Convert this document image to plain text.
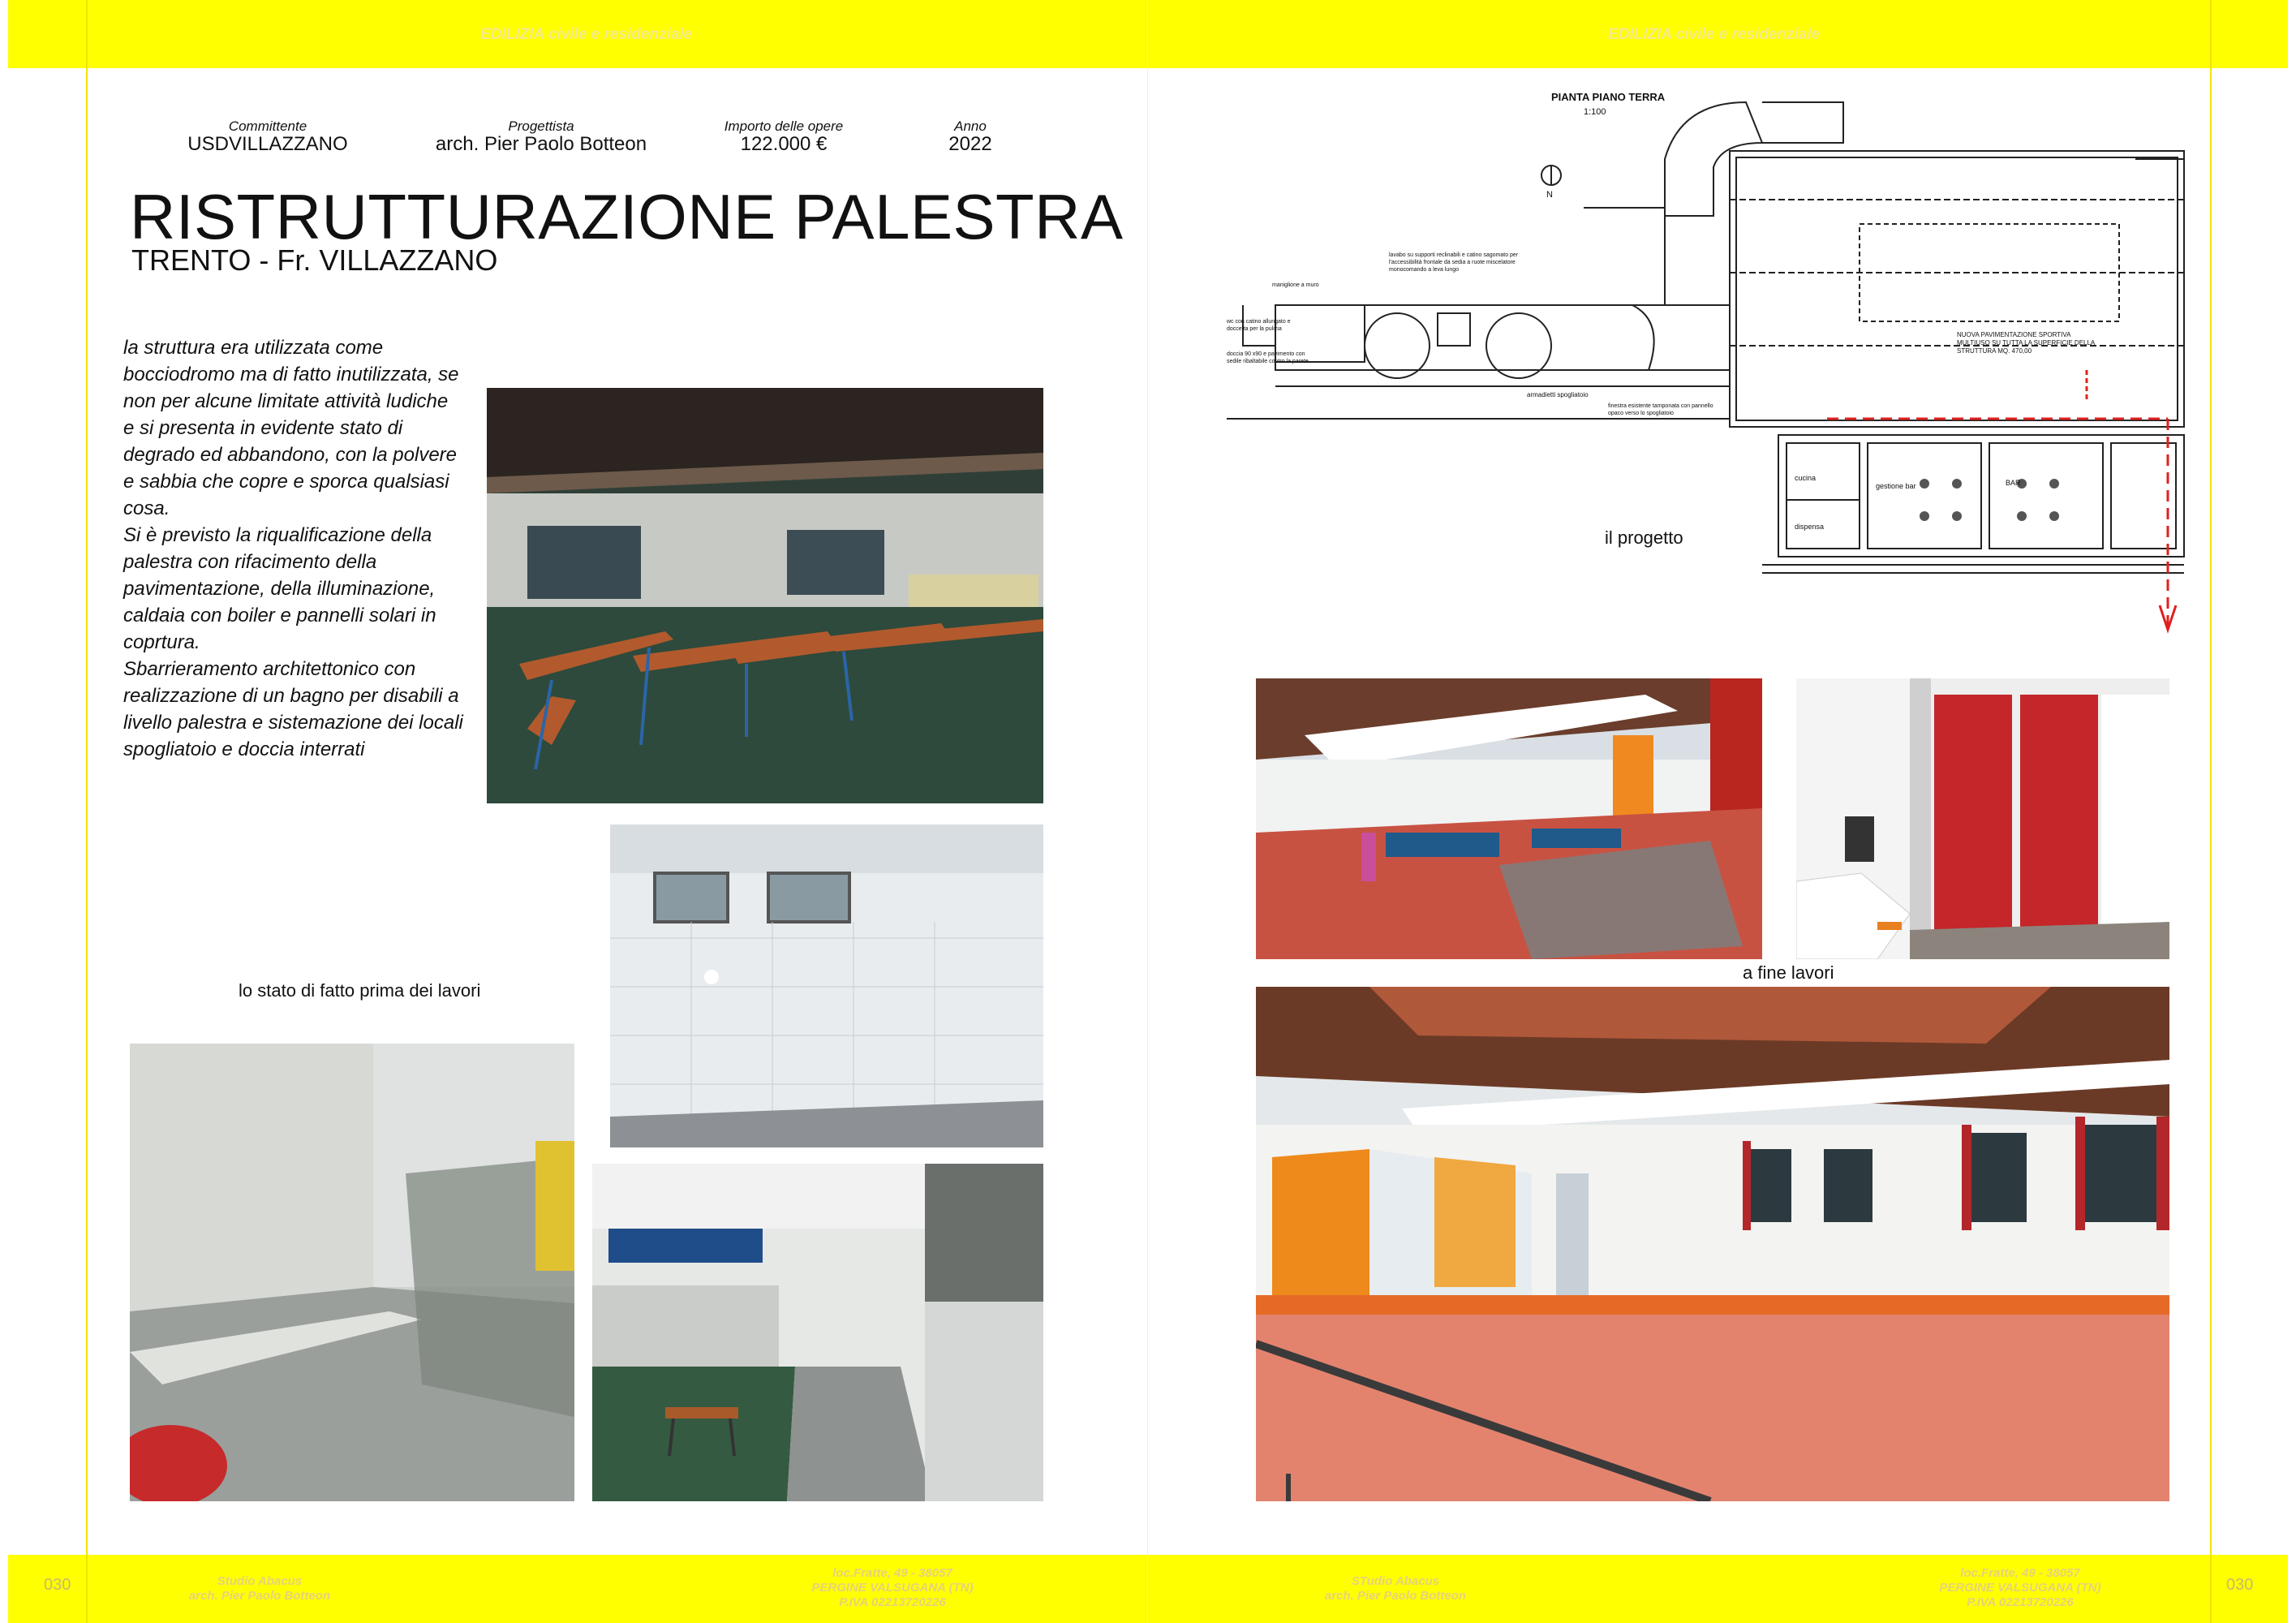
EDILIZIA civile e residenziale	EDILIZIA civile e residenziale
Committente
USDVILLAZZANO
Progettista
arch. Pier Paolo Botteon
Importo delle opere
122.000 €
Anno
2022
RISTRUTTURAZIONE PALESTRA
TRENTO - Fr. VILLAZZANO

la struttura era utilizzata come bocciodromo ma di fatto inutilizzata, se non per alcune limitate attività ludiche e si presenta in evidente stato di degrado ed abbandono, con la polvere e sabbia che copre e sporca qualsiasi cosa.

Si è previsto la riqualificazione della palestra con rifacimento della pavimentazione, della illuminazione, caldaia con boiler e pannelli solari in coprtura.

Sbarrieramento architettonico con realizzazione di un bagno per disabili a livello palestra e sistemazione dei locali spogliatoio e doccia interrati

lo stato di fatto prima dei lavori
il progetto
a fine lavori
N
PIANTA PIANO TERRA
1:100
NUOVA PAVIMENTAZIONE SPORTIVA MULTIUSO SU TUTTA LA SUPERFICIE DELLA STRUTTURA MQ. 470,00
BAR
cucina
dispensa
gestione bar
armadietti spogliatoio
finestra esistente tamponata con pannello opaco verso lo spogliatoio
wc con catino allungato e doccetta per la pulizia
doccia 90 x90 e pavimento con sedile ribaltabile contro la parete
lavabo su supporti reclinabili e catino sagomato per l'accessibilità frontale da sedia a ruote miscelatore monocomando a leva lungo
maniglione a muro
030	030
Studio Abacus
arch. Pier Paolo Botteon
loc.Fratte, 49 - 38057
PERGINE VALSUGANA (TN)
P.IVA 02213720226
STudio Abacus
arch. Pier Paolo Botteon
loc.Fratte, 49 - 38057
PERGINE VALSUGANA (TN)
P.IVA 02213720226
